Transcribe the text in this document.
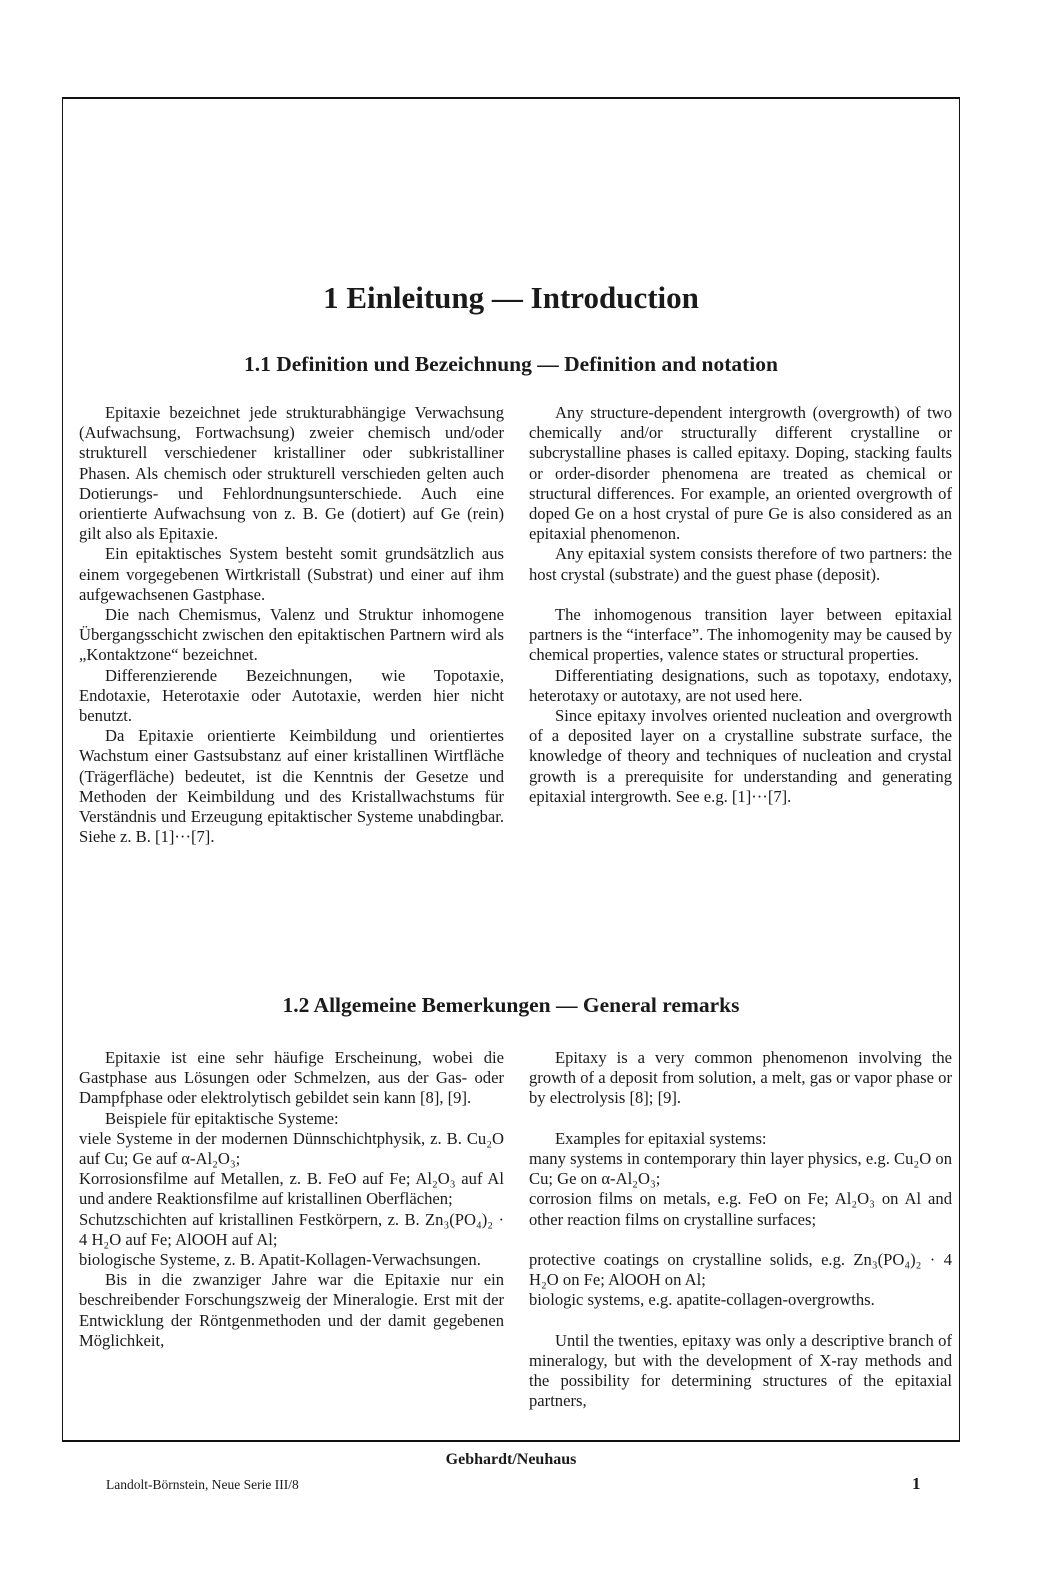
1 Einleitung — Introduction
1.1 Definition und Bezeichnung — Definition and notation

Epitaxie bezeichnet jede strukturabhängige Verwachsung (Aufwachsung, Fortwachsung) zweier chemisch und/oder strukturell verschiedener kristalliner oder subkristalliner Phasen. Als chemisch oder strukturell verschieden gelten auch Dotierungs- und Fehlordnungsunterschiede. Auch eine orientierte Aufwachsung von z. B. Ge (dotiert) auf Ge (rein) gilt also als Epitaxie.

Ein epitaktisches System besteht somit grundsätzlich aus einem vorgegebenen Wirtkristall (Substrat) und einer auf ihm aufgewachsenen Gastphase.

Die nach Chemismus, Valenz und Struktur inhomogene Übergangsschicht zwischen den epitaktischen Partnern wird als „Kontaktzone“ bezeichnet.

Differenzierende Bezeichnungen, wie Topotaxie, Endotaxie, Heterotaxie oder Autotaxie, werden hier nicht benutzt.

Da Epitaxie orientierte Keimbildung und orientiertes Wachstum einer Gastsubstanz auf einer kristallinen Wirtfläche (Trägerfläche) bedeutet, ist die Kenntnis der Gesetze und Methoden der Keimbildung und des Kristallwachstums für Verständnis und Erzeugung epitaktischer Systeme unabdingbar. Siehe z. B. [1]···[7].

Any structure-dependent intergrowth (overgrowth) of two chemically and/or structurally different crystalline or subcrystalline phases is called epitaxy. Doping, stacking faults or order-disorder phenomena are treated as chemical or structural differences. For example, an oriented overgrowth of doped Ge on a host crystal of pure Ge is also considered as an epitaxial phenomenon.

Any epitaxial system consists therefore of two partners: the host crystal (substrate) and the guest phase (deposit).

The inhomogenous transition layer between epitaxial partners is the “interface”. The inhomogenity may be caused by chemical properties, valence states or structural properties.

Differentiating designations, such as topotaxy, endotaxy, heterotaxy or autotaxy, are not used here.

Since epitaxy involves oriented nucleation and overgrowth of a deposited layer on a crystalline substrate surface, the knowledge of theory and techniques of nucleation and crystal growth is a prerequisite for understanding and generating epitaxial intergrowth. See e.g. [1]···[7].

1.2 Allgemeine Bemerkungen — General remarks

Epitaxie ist eine sehr häufige Erscheinung, wobei die Gastphase aus Lösungen oder Schmelzen, aus der Gas- oder Dampfphase oder elektrolytisch gebildet sein kann [8], [9].

Beispiele für epitaktische Systeme:

viele Systeme in der modernen Dünnschichtphysik, z. B. Cu₂O auf Cu; Ge auf α-Al₂O₃;

Korrosionsfilme auf Metallen, z. B. FeO auf Fe; Al₂O₃ auf Al und andere Reaktionsfilme auf kristallinen Oberflächen;

Schutzschichten auf kristallinen Festkörpern, z. B. Zn₃(PO₄)₂ · 4 H₂O auf Fe; AlOOH auf Al;

biologische Systeme, z. B. Apatit-Kollagen-Verwachsungen.

Bis in die zwanziger Jahre war die Epitaxie nur ein beschreibender Forschungszweig der Mineralogie. Erst mit der Entwicklung der Röntgenmethoden und der damit gegebenen Möglichkeit,

Epitaxy is a very common phenomenon involving the growth of a deposit from solution, a melt, gas or vapor phase or by electrolysis [8]; [9].

Examples for epitaxial systems:

many systems in contemporary thin layer physics, e.g. Cu₂O on Cu; Ge on α-Al₂O₃;

corrosion films on metals, e.g. FeO on Fe; Al₂O₃ on Al and other reaction films on crystalline surfaces;

protective coatings on crystalline solids, e.g. Zn₃(PO₄)₂ · 4 H₂O on Fe; AlOOH on Al;

biologic systems, e.g. apatite-collagen-overgrowths.

Until the twenties, epitaxy was only a descriptive branch of mineralogy, but with the development of X-ray methods and the possibility for determining structures of the epitaxial partners,

Gebhardt/Neuhaus
Landolt-Börnstein, Neue Serie III/8	1
